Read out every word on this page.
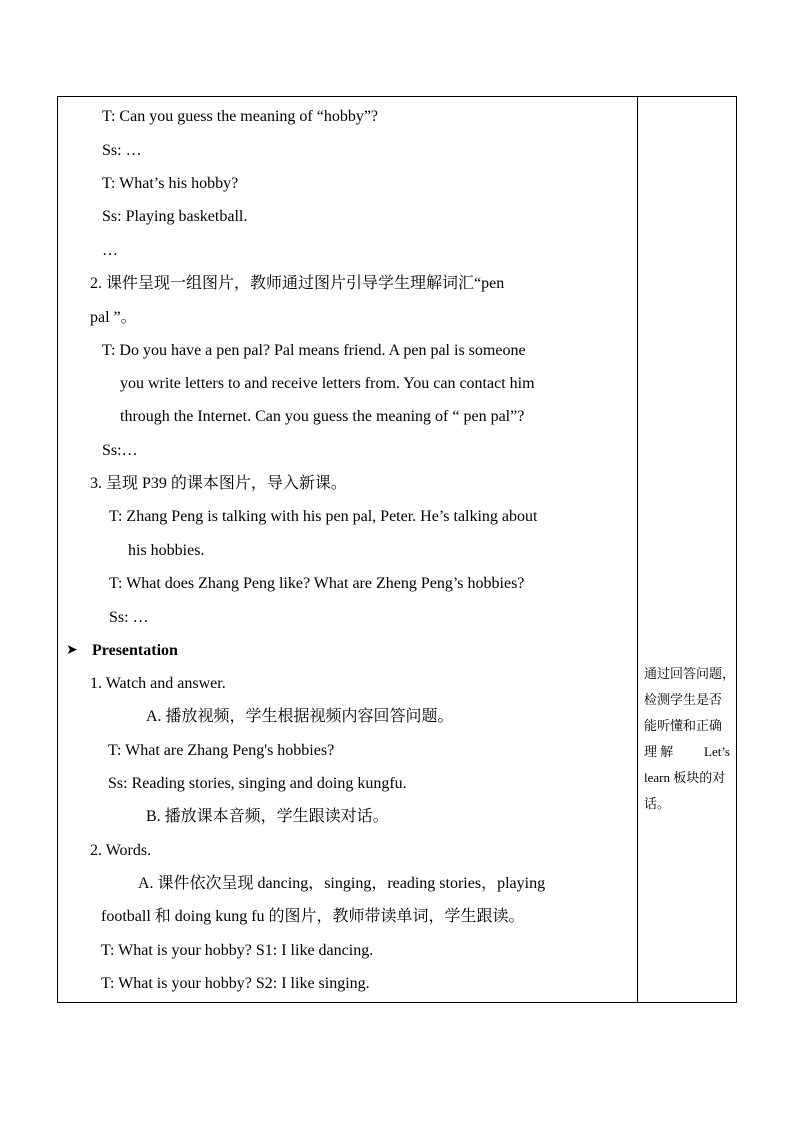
T: Can you guess the meaning of “hobby”?
Ss: …
T: What’s his hobby?
Ss: Playing basketball.
…
2. 课件呈现一组图片，教师通过图片引导学生理解词汇“pen
pal ”。
T: Do you have a pen pal? Pal means friend. A pen pal is someone
you write letters to and receive letters from. You can contact him
through the Internet. Can you guess the meaning of “ pen pal”?
Ss:…
3. 呈现 P39 的课本图片，导入新课。
T: Zhang Peng is talking with his pen pal, Peter. He’s talking about
his hobbies.
T: What does Zhang Peng like? What are Zheng Peng’s hobbies?
Ss: …
➤ Presentation
1. Watch and answer.
A. 播放视频，学生根据视频内容回答问题。
T: What are Zhang Peng's hobbies?
Ss: Reading stories, singing and doing kungfu.
B. 播放课本音频，学生跟读对话。
2. Words.
A. 课件依次呈现 dancing，singing，reading stories，playing
football 和 doing kung fu 的图片，教师带读单词，学生跟读。
T: What is your hobby? S1: I like dancing.
T: What is your hobby? S2: I like singing.
通过回答问题，
检测学生是否
能听懂和正确
理 解 Let’s
learn 板块的对
话。
